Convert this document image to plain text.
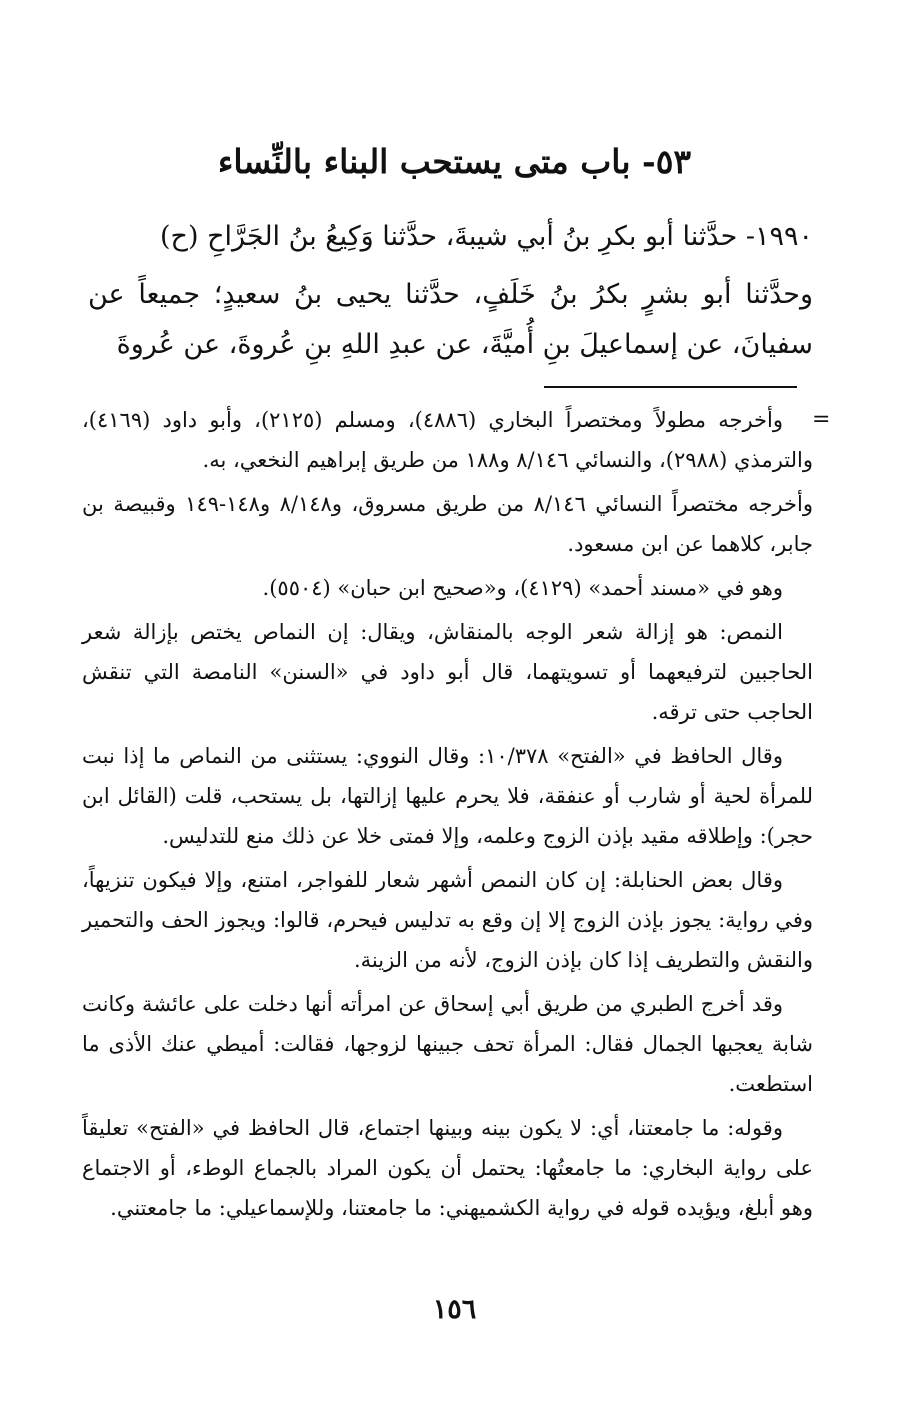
٥٣- باب متى يستحب البناء بالنِّساء

١٩٩٠- حدَّثنا أبو بكرِ بنُ أبي شيبةَ، حدَّثنا وَكِيعُ بنُ الجَرَّاحِ (ح)

وحدَّثنا أبو بشرٍ بكرُ بنُ خَلَفٍ، حدَّثنا يحيى بنُ سعيدٍ؛ جميعاً عن سفيانَ، عن إسماعيلَ بنِ أُميَّةَ، عن عبدِ اللهِ بنِ عُروةَ، عن عُروةَ

=

وأخرجه مطولاً ومختصراً البخاري (٤٨٨٦)، ومسلم (٢١٢٥)، وأبو داود (٤١٦٩)، والترمذي (٢٩٨٨)، والنسائي ٨/١٤٦ و١٨٨ من طريق إبراهيم النخعي، به.

وأخرجه مختصراً النسائي ٨/١٤٦ من طريق مسروق، و٨/١٤٨ و١٤٨-١٤٩ وقبيصة بن جابر، كلاهما عن ابن مسعود.

وهو في «مسند أحمد» (٤١٢٩)، و«صحيح ابن حبان» (٥٥٠٤).

النمص: هو إزالة شعر الوجه بالمنقاش، ويقال: إن النماص يختص بإزالة شعر الحاجبين لترفيعهما أو تسويتهما، قال أبو داود في «السنن» النامصة التي تنقش الحاجب حتى ترقه.

وقال الحافظ في «الفتح» ١٠/٣٧٨: وقال النووي: يستثنى من النماص ما إذا نبت للمرأة لحية أو شارب أو عنفقة، فلا يحرم عليها إزالتها، بل يستحب، قلت (القائل ابن حجر): وإطلاقه مقيد بإذن الزوج وعلمه، وإلا فمتى خلا عن ذلك منع للتدليس.

وقال بعض الحنابلة: إن كان النمص أشهر شعار للفواجر، امتنع، وإلا فيكون تنزيهاً، وفي رواية: يجوز بإذن الزوج إلا إن وقع به تدليس فيحرم، قالوا: ويجوز الحف والتحمير والنقش والتطريف إذا كان بإذن الزوج، لأنه من الزينة.

وقد أخرج الطبري من طريق أبي إسحاق عن امرأته أنها دخلت على عائشة وكانت شابة يعجبها الجمال فقال: المرأة تحف جبينها لزوجها، فقالت: أميطي عنك الأذى ما استطعت.

وقوله: ما جامعتنا، أي: لا يكون بينه وبينها اجتماع، قال الحافظ في «الفتح» تعليقاً على رواية البخاري: ما جامعتُها: يحتمل أن يكون المراد بالجماع الوطء، أو الاجتماع وهو أبلغ، ويؤيده قوله في رواية الكشميهني: ما جامعتنا، وللإسماعيلي: ما جامعتني.

١٥٦
